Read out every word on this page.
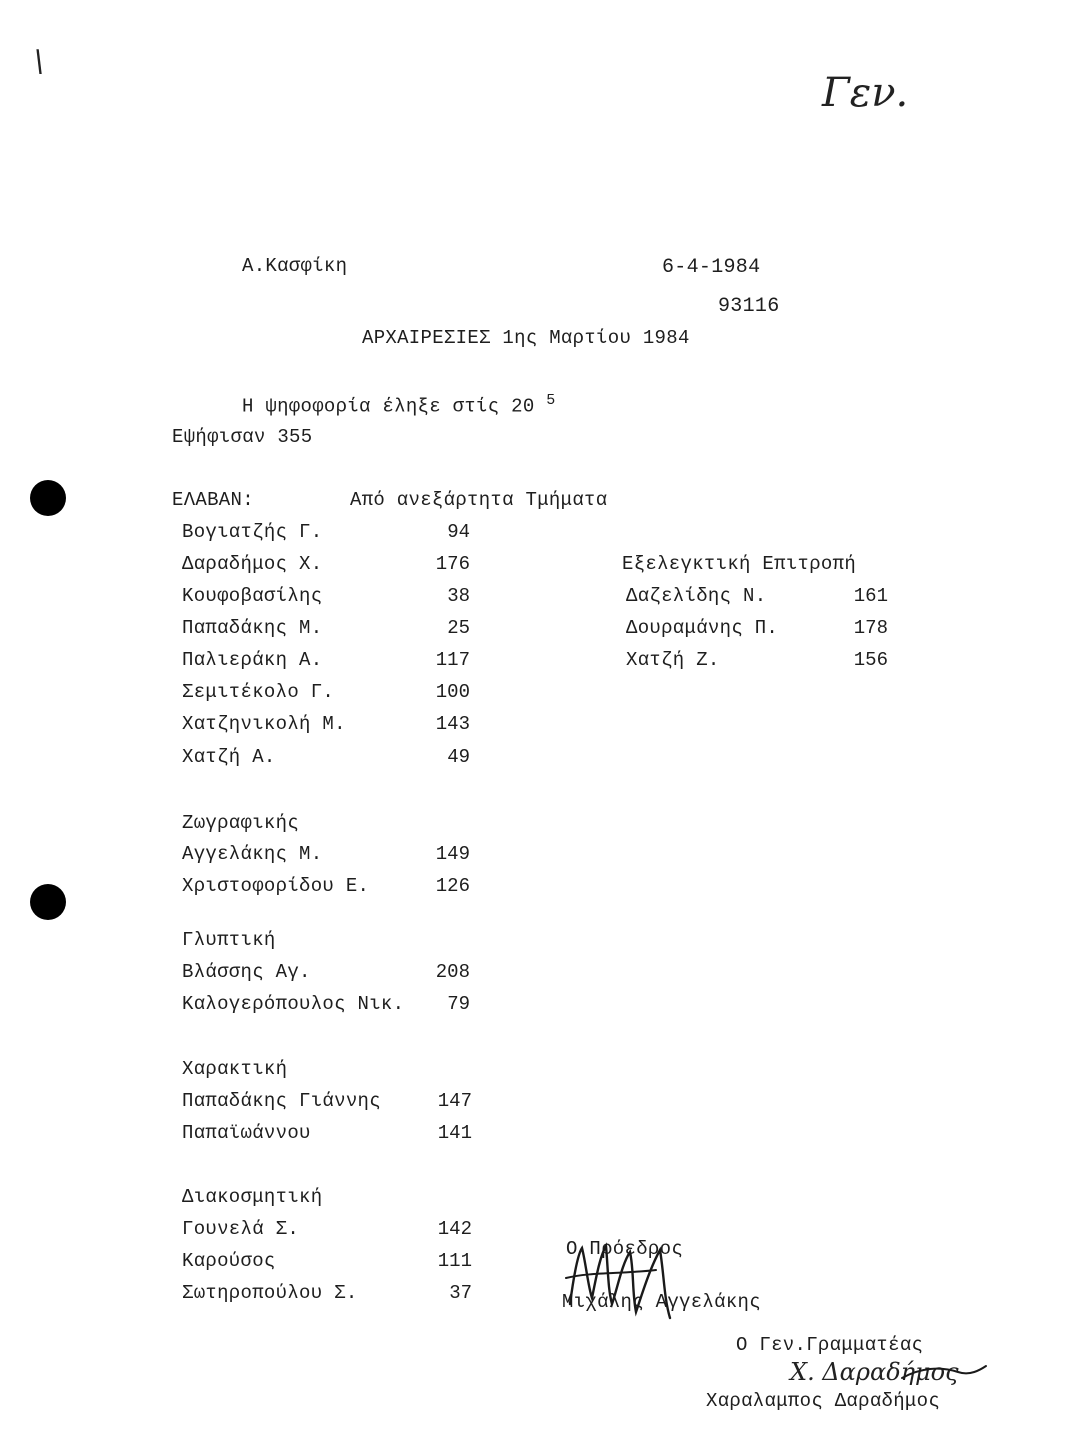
\
Γεν.
Α.Κασφίκη	6-4-1984
93116
ΑΡΧΑΙΡΕΣΙΕΣ 1ης Μαρτίου 1984
Η ψηφοφορία έληξε στίς 20 $^5$
Εψήφισαν 355
ΕΛΑΒΑΝ:	Από ανεξάρτητα Τμήματα
Βογιατζής Γ.	94
Δαραδήμος Χ.	176
Κουφοβασίλης	38
Παπαδάκης Μ.	25
Παλιεράκη Α.	117
Σεμιτέκολο Γ.	100
Χατζηνικολή Μ.	143
Χατζή Α.	49
Εξελεγκτική Επιτροπή
Δαζελίδης Ν.	161
Δουραμάνης Π.	178
Χατζή Ζ.	156
Ζωγραφικής
Αγγελάκης Μ.	149
Χριστοφορίδου Ε.	126
Γλυπτική
Βλάσσης Αγ.	208
Καλογερόπουλος Νικ.	79
Χαρακτική
Παπαδάκης Γιάννης	147
Παπαϊωάννου	141
Διακοσμητική
Γουνελά Σ.	142
Καρούσος	111
Σωτηροπούλου Σ.	37
Ο Πρόεδρος
Μιχάλης Αγγελάκης
Ο Γεν.Γραμματέας
Χ. Δαραδήμος
Χαραλαμπος Δαραδήμος
